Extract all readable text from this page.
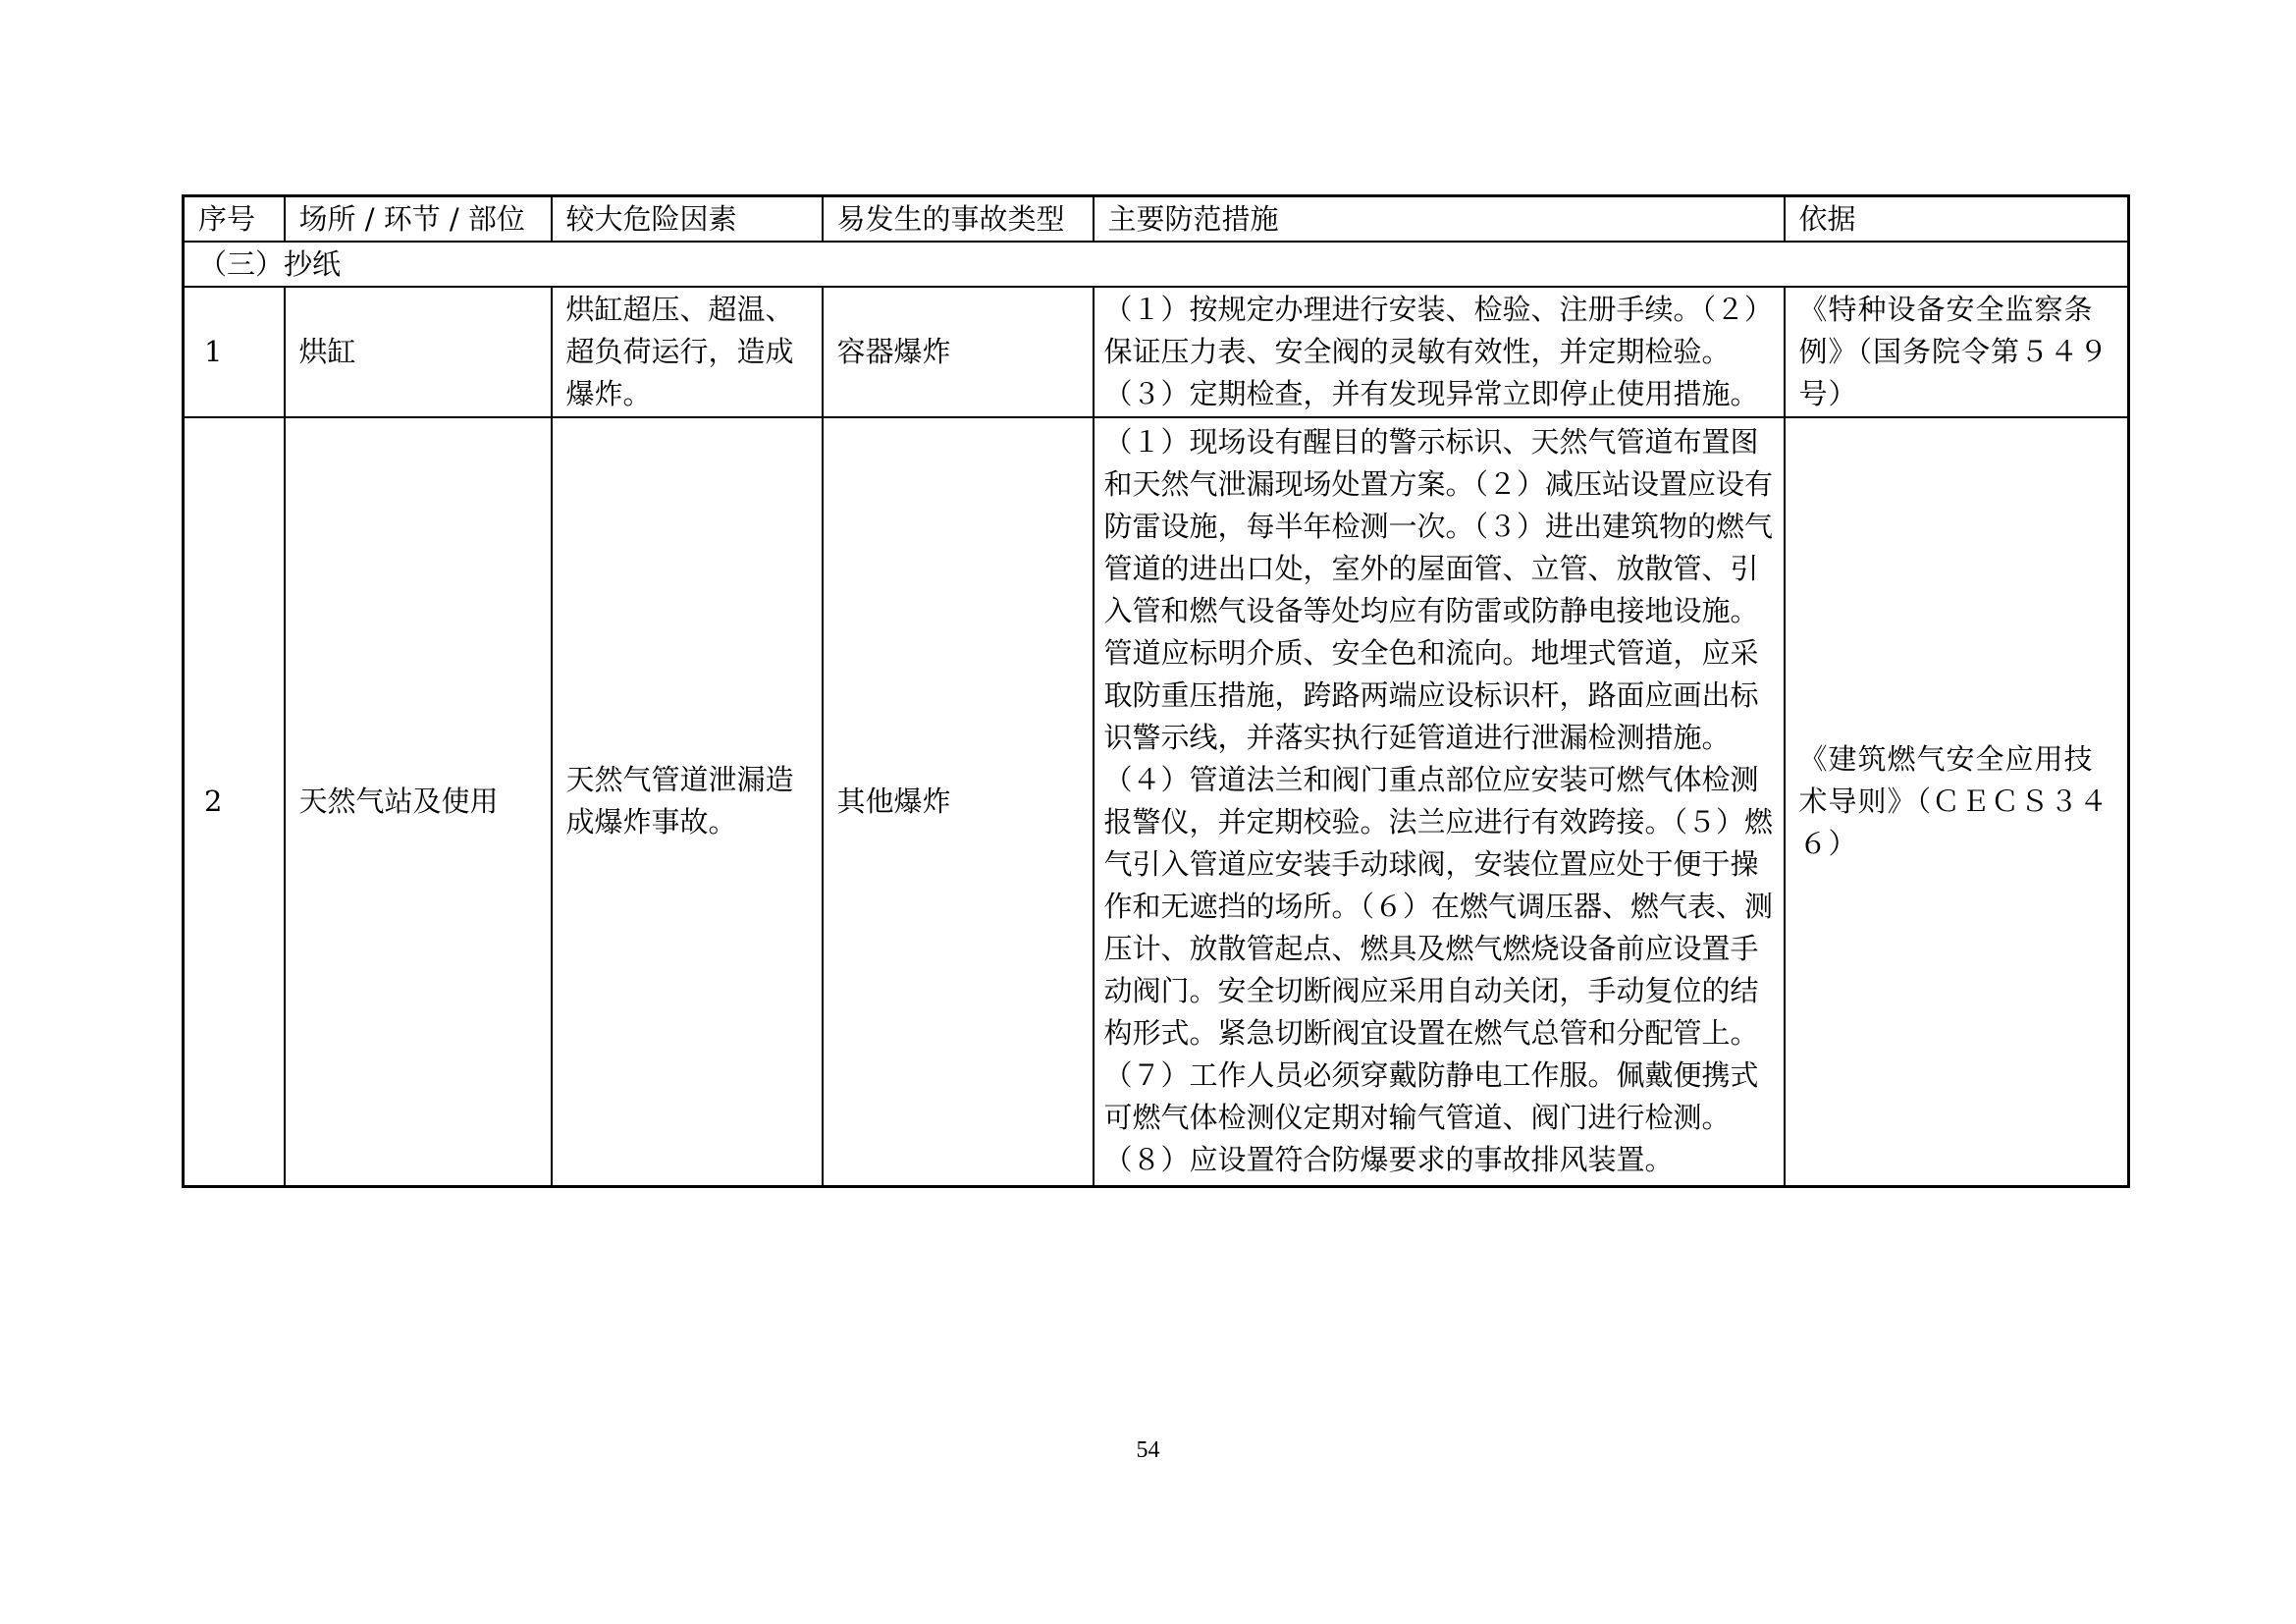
序号	场所 / 环节 / 部位	较大危险因素	易发生的事故类型	主要防范措施	依据
（三）抄纸					
1	烘缸	烘缸超压、超温、超负荷运行，造成爆炸。	容器爆炸	（１）按规定办理进行安装、检验、注册手续。（２）保证压力表、安全阀的灵敏有效性，并定期检验。（３）定期检查，并有发现异常立即停止使用措施。	《特种设备安全监察条例》（国务院令第５４９号）
2	天然气站及使用	天然气管道泄漏造成爆炸事故。	其他爆炸	（１）现场设有醒目的警示标识、天然气管道布置图和天然气泄漏现场处置方案。（２）减压站设置应设有防雷设施，每半年检测一次。（３）进出建筑物的燃气管道的进出口处，室外的屋面管、立管、放散管、引入管和燃气设备等处均应有防雷或防静电接地设施。管道应标明介质、安全色和流向。地埋式管道，应采取防重压措施，跨路两端应设标识杆，路面应画出标识警示线，并落实执行延管道进行泄漏检测措施。（４）管道法兰和阀门重点部位应安装可燃气体检测报警仪，并定期校验。法兰应进行有效跨接。（５）燃气引入管道应安装手动球阀，安装位置应处于便于操作和无遮挡的场所。（６）在燃气调压器、燃气表、测压计、放散管起点、燃具及燃气燃烧设备前应设置手动阀门。安全切断阀应采用自动关闭，手动复位的结构形式。紧急切断阀宜设置在燃气总管和分配管上。（７）工作人员必须穿戴防静电工作服。佩戴便携式可燃气体检测仪定期对输气管道、阀门进行检测。（８）应设置符合防爆要求的事故排风装置。	《建筑燃气安全应用技术导则》（ＣＥＣＳ３４６）
54
